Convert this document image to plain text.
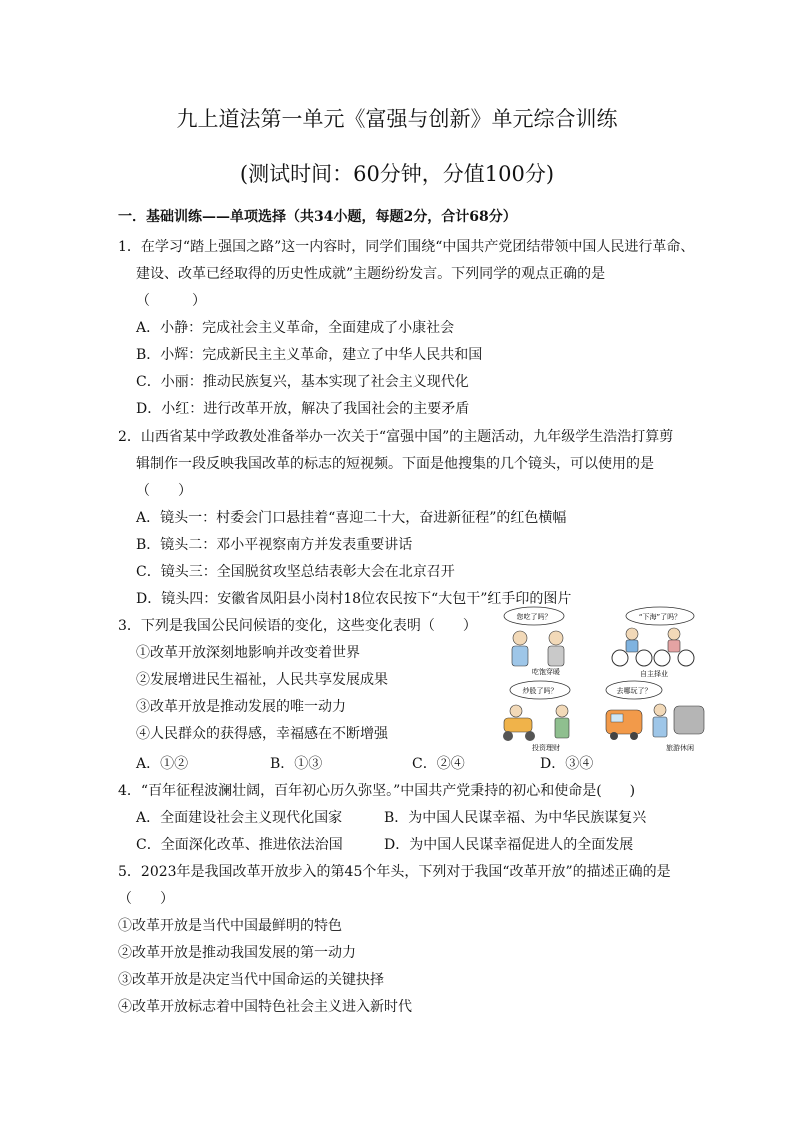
九上道法第一单元《富强与创新》单元综合训练
(测试时间：60分钟，分值100分)
一．基础训练——单项选择（共34小题，每题2分，合计68分）
1．在学习“踏上强国之路”这一内容时，同学们围绕“中国共产党团结带领中国人民进行革命、
建设、改革已经取得的历史性成就”主题纷纷发言。下列同学的观点正确的是
（　　　）
A．小静：完成社会主义革命，全面建成了小康社会
B．小辉：完成新民主主义革命，建立了中华人民共和国
C．小丽：推动民族复兴，基本实现了社会主义现代化
D．小红：进行改革开放，解决了我国社会的主要矛盾
2．山西省某中学政教处准备举办一次关于“富强中国”的主题活动，九年级学生浩浩打算剪
辑制作一段反映我国改革的标志的短视频。下面是他搜集的几个镜头，可以使用的是
（　　）
A．镜头一：村委会门口悬挂着“喜迎二十大，奋进新征程”的红色横幅
B．镜头二：邓小平视察南方并发表重要讲话
C．镜头三：全国脱贫攻坚总结表彰大会在北京召开
D．镜头四：安徽省凤阳县小岗村18位农民按下“大包干”红手印的图片
3．下列是我国公民问候语的变化，这些变化表明（　　）
①改革开放深刻地影响并改变着世界
②发展增进民生福祉，人民共享发展成果
③改革开放是推动发展的唯一动力
④人民群众的获得感，幸福感在不断增强
A．①②	B．①③	C．②④	D．③④
您吃了吗？
吃饱穿暖
“下海”了吗？
自主择业
炒股了吗？
投资理财
去哪玩了？
旅游休闲
4．“百年征程波澜壮阔，百年初心历久弥坚。”中国共产党秉持的初心和使命是(　　)
A．全面建设社会主义现代化国家	B．为中国人民谋幸福、为中华民族谋复兴
C．全面深化改革、推进依法治国	D．为中国人民谋幸福促进人的全面发展
5．2023年是我国改革开放步入的第45个年头，下列对于我国“改革开放”的描述正确的是
（　　）
①改革开放是当代中国最鲜明的特色
②改革开放是推动我国发展的第一动力
③改革开放是决定当代中国命运的关键抉择
④改革开放标志着中国特色社会主义进入新时代
